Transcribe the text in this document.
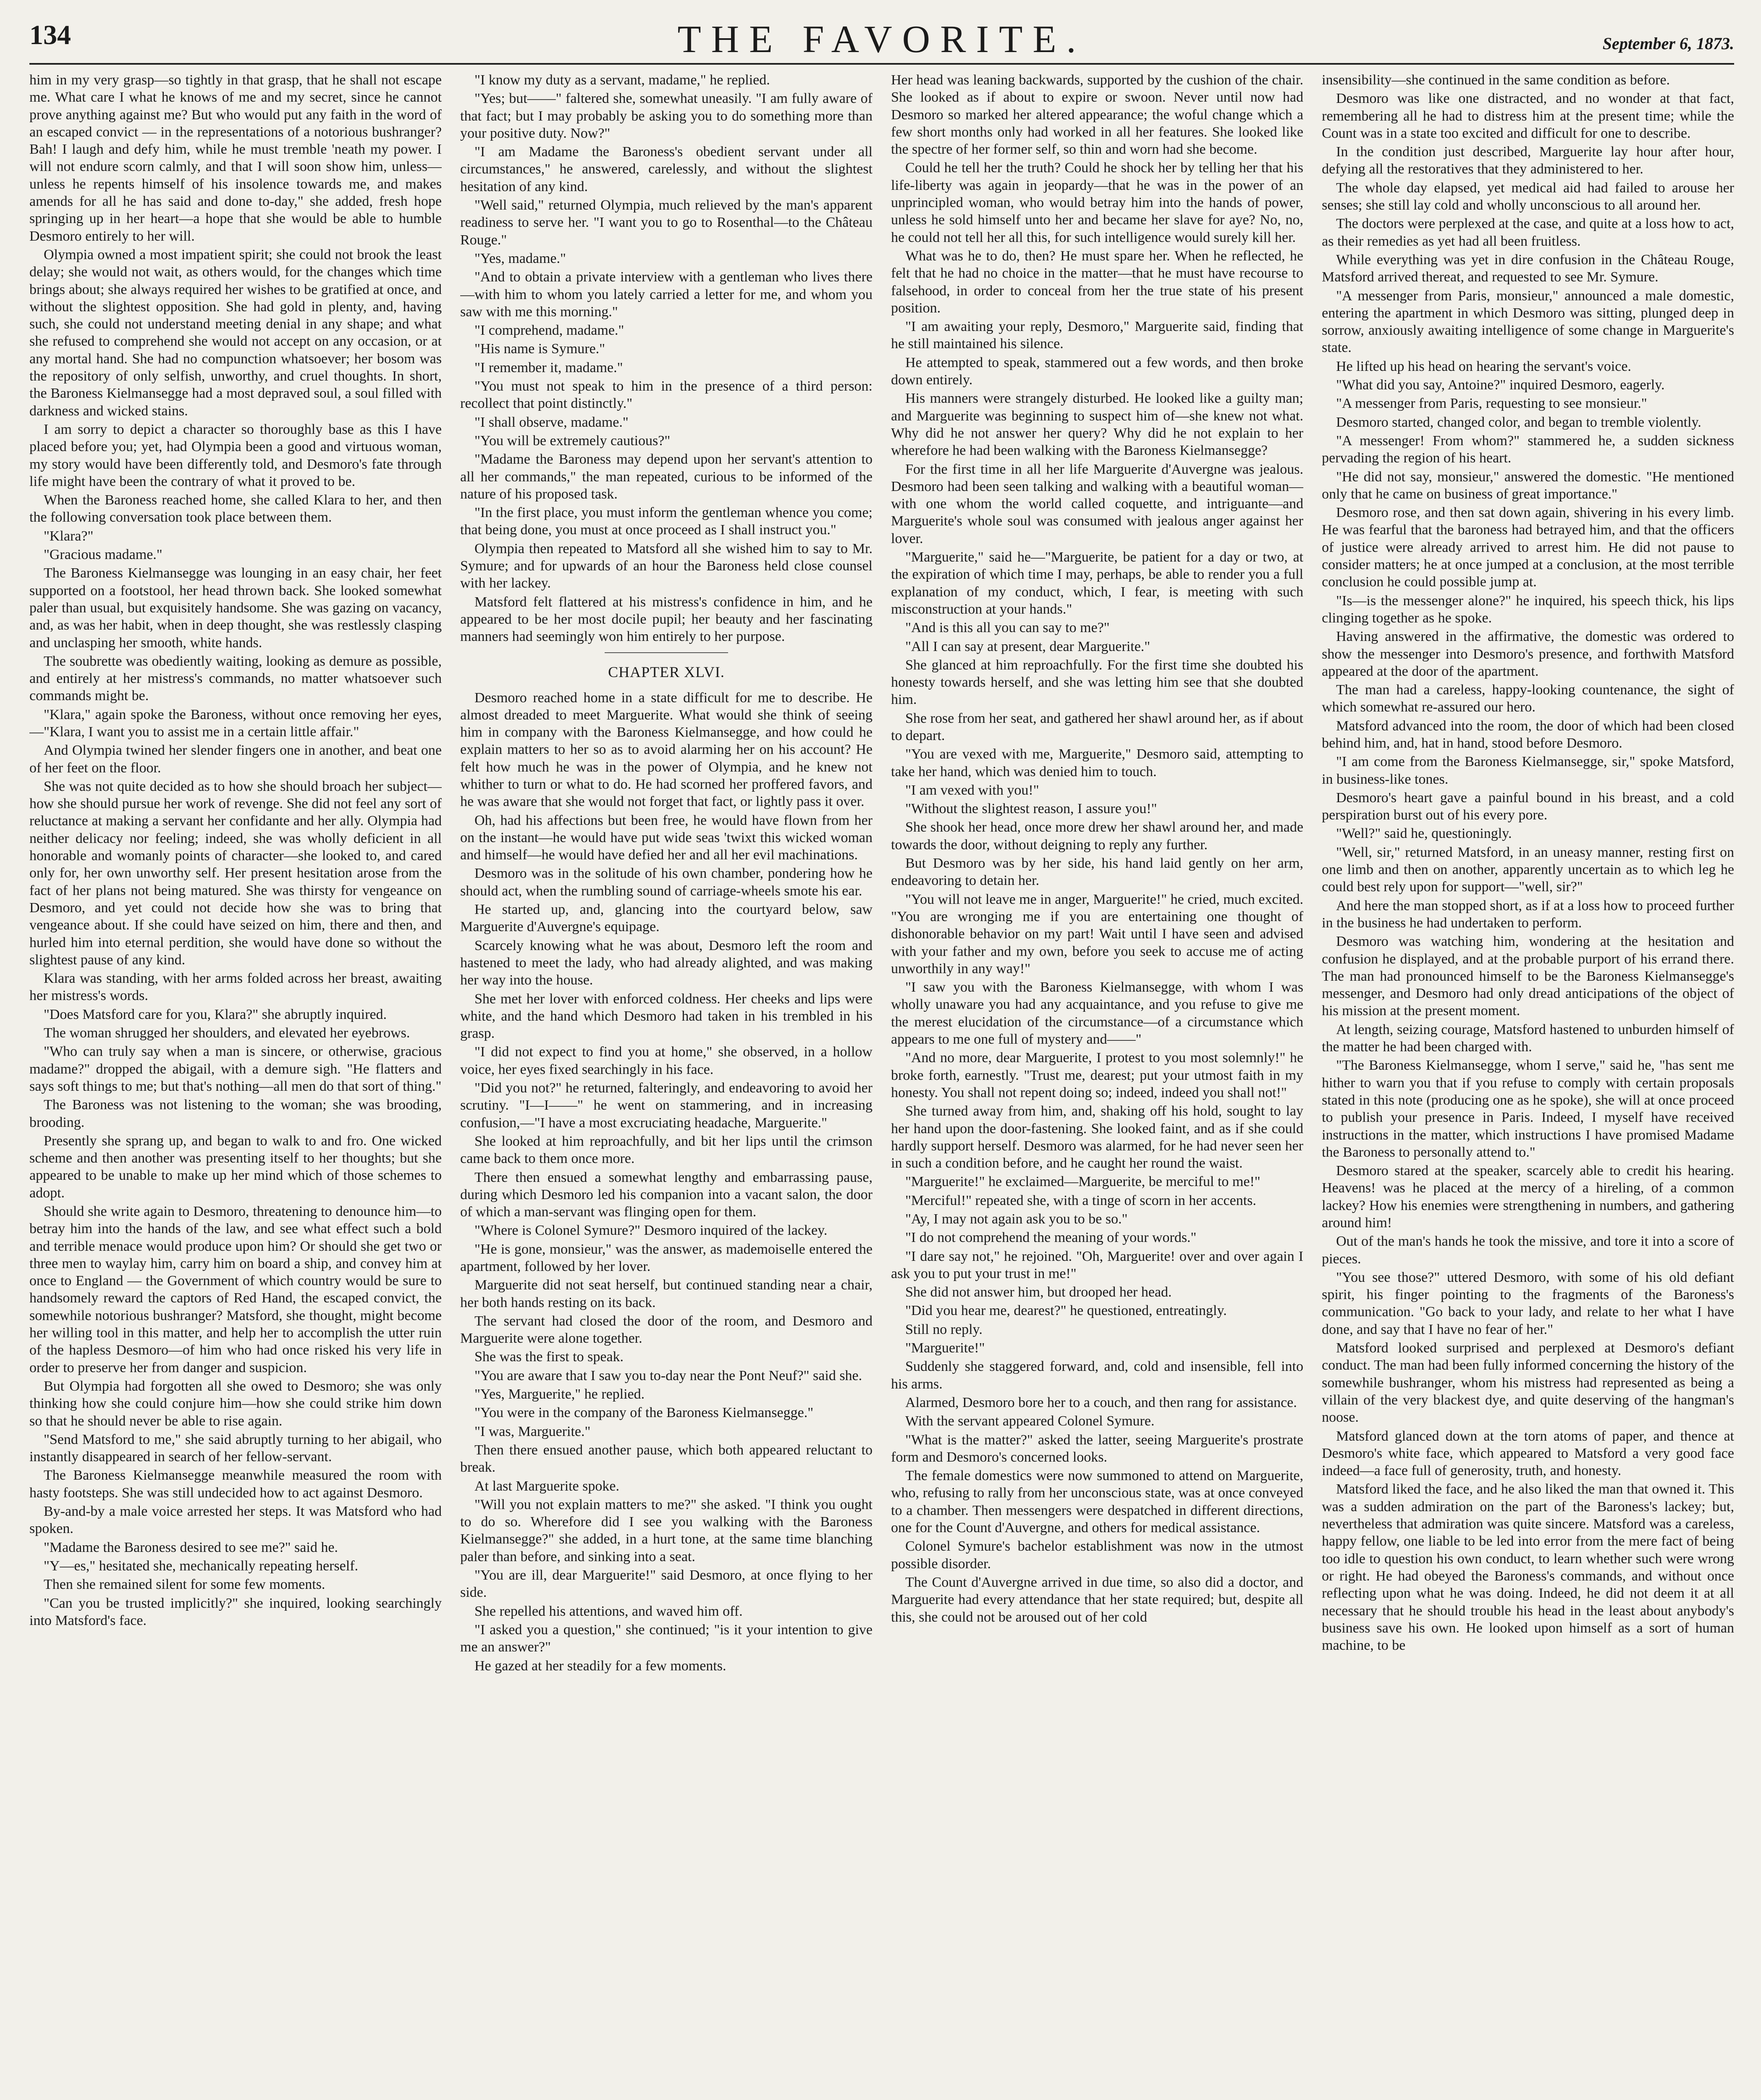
134	THE FAVORITE.	September 6, 1873.

him in my very grasp—so tightly in that grasp, that he shall not escape me. What care I what he knows of me and my secret, since he cannot prove anything against me? But who would put any faith in the word of an escaped convict — in the representations of a notorious bushranger? Bah! I laugh and defy him, while he must tremble 'neath my power. I will not endure scorn calmly, and that I will soon show him, unless—unless he repents himself of his insolence towards me, and makes amends for all he has said and done to-day," she added, fresh hope springing up in her heart—a hope that she would be able to humble Desmoro entirely to her will.

Olympia owned a most impatient spirit; she could not brook the least delay; she would not wait, as others would, for the changes which time brings about; she always required her wishes to be gratified at once, and without the slightest opposition. She had gold in plenty, and, having such, she could not understand meeting denial in any shape; and what she refused to comprehend she would not accept on any occasion, or at any mortal hand. She had no compunction whatsoever; her bosom was the repository of only selfish, unworthy, and cruel thoughts. In short, the Baroness Kielmansegge had a most depraved soul, a soul filled with darkness and wicked stains.

I am sorry to depict a character so thoroughly base as this I have placed before you; yet, had Olympia been a good and virtuous woman, my story would have been differently told, and Desmoro's fate through life might have been the contrary of what it proved to be.

When the Baroness reached home, she called Klara to her, and then the following conversation took place between them.

"Klara?"

"Gracious madame."

The Baroness Kielmansegge was lounging in an easy chair, her feet supported on a footstool, her head thrown back. She looked somewhat paler than usual, but exquisitely handsome. She was gazing on vacancy, and, as was her habit, when in deep thought, she was restlessly clasping and unclasping her smooth, white hands.

The soubrette was obediently waiting, looking as demure as possible, and entirely at her mistress's commands, no matter whatsoever such commands might be.

"Klara," again spoke the Baroness, without once removing her eyes,—"Klara, I want you to assist me in a certain little affair."

And Olympia twined her slender fingers one in another, and beat one of her feet on the floor.

She was not quite decided as to how she should broach her subject—how she should pursue her work of revenge. She did not feel any sort of reluctance at making a servant her confidante and her ally. Olympia had neither delicacy nor feeling; indeed, she was wholly deficient in all honorable and womanly points of character—she looked to, and cared only for, her own unworthy self. Her present hesitation arose from the fact of her plans not being matured. She was thirsty for vengeance on Desmoro, and yet could not decide how she was to bring that vengeance about. If she could have seized on him, there and then, and hurled him into eternal perdition, she would have done so without the slightest pause of any kind.

Klara was standing, with her arms folded across her breast, awaiting her mistress's words.

"Does Matsford care for you, Klara?" she abruptly inquired.

The woman shrugged her shoulders, and elevated her eyebrows.

"Who can truly say when a man is sincere, or otherwise, gracious madame?" dropped the abigail, with a demure sigh. "He flatters and says soft things to me; but that's nothing—all men do that sort of thing."

The Baroness was not listening to the woman; she was brooding, brooding.

Presently she sprang up, and began to walk to and fro. One wicked scheme and then another was presenting itself to her thoughts; but she appeared to be unable to make up her mind which of those schemes to adopt.

Should she write again to Desmoro, threatening to denounce him—to betray him into the hands of the law, and see what effect such a bold and terrible menace would produce upon him? Or should she get two or three men to waylay him, carry him on board a ship, and convey him at once to England — the Government of which country would be sure to handsomely reward the captors of Red Hand, the escaped convict, the somewhile notorious bushranger? Matsford, she thought, might become her willing tool in this matter, and help her to accomplish the utter ruin of the hapless Desmoro—of him who had once risked his very life in order to preserve her from danger and suspicion.

But Olympia had forgotten all she owed to Desmoro; she was only thinking how she could conjure him—how she could strike him down so that he should never be able to rise again.

"Send Matsford to me," she said abruptly turning to her abigail, who instantly disappeared in search of her fellow-servant.

The Baroness Kielmansegge meanwhile measured the room with hasty footsteps. She was still undecided how to act against Desmoro.

By-and-by a male voice arrested her steps. It was Matsford who had spoken.

"Madame the Baroness desired to see me?" said he.

"Y—es," hesitated she, mechanically repeating herself.

Then she remained silent for some few moments.

"Can you be trusted implicitly?" she inquired, looking searchingly into Matsford's face.

"I know my duty as a servant, madame," he replied.

"Yes; but——" faltered she, somewhat uneasily. "I am fully aware of that fact; but I may probably be asking you to do something more than your positive duty. Now?"

"I am Madame the Baroness's obedient servant under all circumstances," he answered, carelessly, and without the slightest hesitation of any kind.

"Well said," returned Olympia, much relieved by the man's apparent readiness to serve her. "I want you to go to Rosenthal—to the Château Rouge."

"Yes, madame."

"And to obtain a private interview with a gentleman who lives there—with him to whom you lately carried a letter for me, and whom you saw with me this morning."

"I comprehend, madame."

"His name is Symure."

"I remember it, madame."

"You must not speak to him in the presence of a third person: recollect that point distinctly."

"I shall observe, madame."

"You will be extremely cautious?"

"Madame the Baroness may depend upon her servant's attention to all her commands," the man repeated, curious to be informed of the nature of his proposed task.

"In the first place, you must inform the gentleman whence you come; that being done, you must at once proceed as I shall instruct you."

Olympia then repeated to Matsford all she wished him to say to Mr. Symure; and for upwards of an hour the Baroness held close counsel with her lackey.

Matsford felt flattered at his mistress's confidence in him, and he appeared to be her most docile pupil; her beauty and her fascinating manners had seemingly won him entirely to her purpose.

CHAPTER XLVI.

Desmoro reached home in a state difficult for me to describe. He almost dreaded to meet Marguerite. What would she think of seeing him in company with the Baroness Kielmansegge, and how could he explain matters to her so as to avoid alarming her on his account? He felt how much he was in the power of Olympia, and he knew not whither to turn or what to do. He had scorned her proffered favors, and he was aware that she would not forget that fact, or lightly pass it over.

Oh, had his affections but been free, he would have flown from her on the instant—he would have put wide seas 'twixt this wicked woman and himself—he would have defied her and all her evil machinations.

Desmoro was in the solitude of his own chamber, pondering how he should act, when the rumbling sound of carriage-wheels smote his ear.

He started up, and, glancing into the courtyard below, saw Marguerite d'Auvergne's equipage.

Scarcely knowing what he was about, Desmoro left the room and hastened to meet the lady, who had already alighted, and was making her way into the house.

She met her lover with enforced coldness. Her cheeks and lips were white, and the hand which Desmoro had taken in his trembled in his grasp.

"I did not expect to find you at home," she observed, in a hollow voice, her eyes fixed searchingly in his face.

"Did you not?" he returned, falteringly, and endeavoring to avoid her scrutiny. "I—I——" he went on stammering, and in increasing confusion,—"I have a most excruciating headache, Marguerite."

She looked at him reproachfully, and bit her lips until the crimson came back to them once more.

There then ensued a somewhat lengthy and embarrassing pause, during which Desmoro led his companion into a vacant salon, the door of which a man-servant was flinging open for them.

"Where is Colonel Symure?" Desmoro inquired of the lackey.

"He is gone, monsieur," was the answer, as mademoiselle entered the apartment, followed by her lover.

Marguerite did not seat herself, but continued standing near a chair, her both hands resting on its back.

The servant had closed the door of the room, and Desmoro and Marguerite were alone together.

She was the first to speak.

"You are aware that I saw you to-day near the Pont Neuf?" said she.

"Yes, Marguerite," he replied.

"You were in the company of the Baroness Kielmansegge."

"I was, Marguerite."

Then there ensued another pause, which both appeared reluctant to break.

At last Marguerite spoke.

"Will you not explain matters to me?" she asked. "I think you ought to do so. Wherefore did I see you walking with the Baroness Kielmansegge?" she added, in a hurt tone, at the same time blanching paler than before, and sinking into a seat.

"You are ill, dear Marguerite!" said Desmoro, at once flying to her side.

She repelled his attentions, and waved him off.

"I asked you a question," she continued; "is it your intention to give me an answer?"

He gazed at her steadily for a few moments.

Her head was leaning backwards, supported by the cushion of the chair. She looked as if about to expire or swoon. Never until now had Desmoro so marked her altered appearance; the woful change which a few short months only had worked in all her features. She looked like the spectre of her former self, so thin and worn had she become.

Could he tell her the truth? Could he shock her by telling her that his life-liberty was again in jeopardy—that he was in the power of an unprincipled woman, who would betray him into the hands of power, unless he sold himself unto her and became her slave for aye? No, no, he could not tell her all this, for such intelligence would surely kill her.

What was he to do, then? He must spare her. When he reflected, he felt that he had no choice in the matter—that he must have recourse to falsehood, in order to conceal from her the true state of his present position.

"I am awaiting your reply, Desmoro," Marguerite said, finding that he still maintained his silence.

He attempted to speak, stammered out a few words, and then broke down entirely.

His manners were strangely disturbed. He looked like a guilty man; and Marguerite was beginning to suspect him of—she knew not what. Why did he not answer her query? Why did he not explain to her wherefore he had been walking with the Baroness Kielmansegge?

For the first time in all her life Marguerite d'Auvergne was jealous. Desmoro had been seen talking and walking with a beautiful woman—with one whom the world called coquette, and intriguante—and Marguerite's whole soul was consumed with jealous anger against her lover.

"Marguerite," said he—"Marguerite, be patient for a day or two, at the expiration of which time I may, perhaps, be able to render you a full explanation of my conduct, which, I fear, is meeting with such misconstruction at your hands."

"And is this all you can say to me?"

"All I can say at present, dear Marguerite."

She glanced at him reproachfully. For the first time she doubted his honesty towards herself, and she was letting him see that she doubted him.

She rose from her seat, and gathered her shawl around her, as if about to depart.

"You are vexed with me, Marguerite," Desmoro said, attempting to take her hand, which was denied him to touch.

"I am vexed with you!"

"Without the slightest reason, I assure you!"

She shook her head, once more drew her shawl around her, and made towards the door, without deigning to reply any further.

But Desmoro was by her side, his hand laid gently on her arm, endeavoring to detain her.

"You will not leave me in anger, Marguerite!" he cried, much excited. "You are wronging me if you are entertaining one thought of dishonorable behavior on my part! Wait until I have seen and advised with your father and my own, before you seek to accuse me of acting unworthily in any way!"

"I saw you with the Baroness Kielmansegge, with whom I was wholly unaware you had any acquaintance, and you refuse to give me the merest elucidation of the circumstance—of a circumstance which appears to me one full of mystery and——"

"And no more, dear Marguerite, I protest to you most solemnly!" he broke forth, earnestly. "Trust me, dearest; put your utmost faith in my honesty. You shall not repent doing so; indeed, indeed you shall not!"

She turned away from him, and, shaking off his hold, sought to lay her hand upon the door-fastening. She looked faint, and as if she could hardly support herself. Desmoro was alarmed, for he had never seen her in such a condition before, and he caught her round the waist.

"Marguerite!" he exclaimed—Marguerite, be merciful to me!"

"Merciful!" repeated she, with a tinge of scorn in her accents.

"Ay, I may not again ask you to be so."

"I do not comprehend the meaning of your words."

"I dare say not," he rejoined. "Oh, Marguerite! over and over again I ask you to put your trust in me!"

She did not answer him, but drooped her head.

"Did you hear me, dearest?" he questioned, entreatingly.

Still no reply.

"Marguerite!"

Suddenly she staggered forward, and, cold and insensible, fell into his arms.

Alarmed, Desmoro bore her to a couch, and then rang for assistance.

With the servant appeared Colonel Symure.

"What is the matter?" asked the latter, seeing Marguerite's prostrate form and Desmoro's concerned looks.

The female domestics were now summoned to attend on Marguerite, who, refusing to rally from her unconscious state, was at once conveyed to a chamber. Then messengers were despatched in different directions, one for the Count d'Auvergne, and others for medical assistance.

Colonel Symure's bachelor establishment was now in the utmost possible disorder.

The Count d'Auvergne arrived in due time, so also did a doctor, and Marguerite had every attendance that her state required; but, despite all this, she could not be aroused out of her cold

insensibility—she continued in the same condition as before.

Desmoro was like one distracted, and no wonder at that fact, remembering all he had to distress him at the present time; while the Count was in a state too excited and difficult for one to describe.

In the condition just described, Marguerite lay hour after hour, defying all the restoratives that they administered to her.

The whole day elapsed, yet medical aid had failed to arouse her senses; she still lay cold and wholly unconscious to all around her.

The doctors were perplexed at the case, and quite at a loss how to act, as their remedies as yet had all been fruitless.

While everything was yet in dire confusion in the Château Rouge, Matsford arrived thereat, and requested to see Mr. Symure.

"A messenger from Paris, monsieur," announced a male domestic, entering the apartment in which Desmoro was sitting, plunged deep in sorrow, anxiously awaiting intelligence of some change in Marguerite's state.

He lifted up his head on hearing the servant's voice.

"What did you say, Antoine?" inquired Desmoro, eagerly.

"A messenger from Paris, requesting to see monsieur."

Desmoro started, changed color, and began to tremble violently.

"A messenger! From whom?" stammered he, a sudden sickness pervading the region of his heart.

"He did not say, monsieur," answered the domestic. "He mentioned only that he came on business of great importance."

Desmoro rose, and then sat down again, shivering in his every limb. He was fearful that the baroness had betrayed him, and that the officers of justice were already arrived to arrest him. He did not pause to consider matters; he at once jumped at a conclusion, at the most terrible conclusion he could possible jump at.

"Is—is the messenger alone?" he inquired, his speech thick, his lips clinging together as he spoke.

Having answered in the affirmative, the domestic was ordered to show the messenger into Desmoro's presence, and forthwith Matsford appeared at the door of the apartment.

The man had a careless, happy-looking countenance, the sight of which somewhat re-assured our hero.

Matsford advanced into the room, the door of which had been closed behind him, and, hat in hand, stood before Desmoro.

"I am come from the Baroness Kielmansegge, sir," spoke Matsford, in business-like tones.

Desmoro's heart gave a painful bound in his breast, and a cold perspiration burst out of his every pore.

"Well?" said he, questioningly.

"Well, sir," returned Matsford, in an uneasy manner, resting first on one limb and then on another, apparently uncertain as to which leg he could best rely upon for support—"well, sir?"

And here the man stopped short, as if at a loss how to proceed further in the business he had undertaken to perform.

Desmoro was watching him, wondering at the hesitation and confusion he displayed, and at the probable purport of his errand there. The man had pronounced himself to be the Baroness Kielmansegge's messenger, and Desmoro had only dread anticipations of the object of his mission at the present moment.

At length, seizing courage, Matsford hastened to unburden himself of the matter he had been charged with.

"The Baroness Kielmansegge, whom I serve," said he, "has sent me hither to warn you that if you refuse to comply with certain proposals stated in this note (producing one as he spoke), she will at once proceed to publish your presence in Paris. Indeed, I myself have received instructions in the matter, which instructions I have promised Madame the Baroness to personally attend to."

Desmoro stared at the speaker, scarcely able to credit his hearing. Heavens! was he placed at the mercy of a hireling, of a common lackey? How his enemies were strengthening in numbers, and gathering around him!

Out of the man's hands he took the missive, and tore it into a score of pieces.

"You see those?" uttered Desmoro, with some of his old defiant spirit, his finger pointing to the fragments of the Baroness's communication. "Go back to your lady, and relate to her what I have done, and say that I have no fear of her."

Matsford looked surprised and perplexed at Desmoro's defiant conduct. The man had been fully informed concerning the history of the somewhile bushranger, whom his mistress had represented as being a villain of the very blackest dye, and quite deserving of the hangman's noose.

Matsford glanced down at the torn atoms of paper, and thence at Desmoro's white face, which appeared to Matsford a very good face indeed—a face full of generosity, truth, and honesty.

Matsford liked the face, and he also liked the man that owned it. This was a sudden admiration on the part of the Baroness's lackey; but, nevertheless that admiration was quite sincere. Matsford was a careless, happy fellow, one liable to be led into error from the mere fact of being too idle to question his own conduct, to learn whether such were wrong or right. He had obeyed the Baroness's commands, and without once reflecting upon what he was doing. Indeed, he did not deem it at all necessary that he should trouble his head in the least about anybody's business save his own. He looked upon himself as a sort of human machine, to be
